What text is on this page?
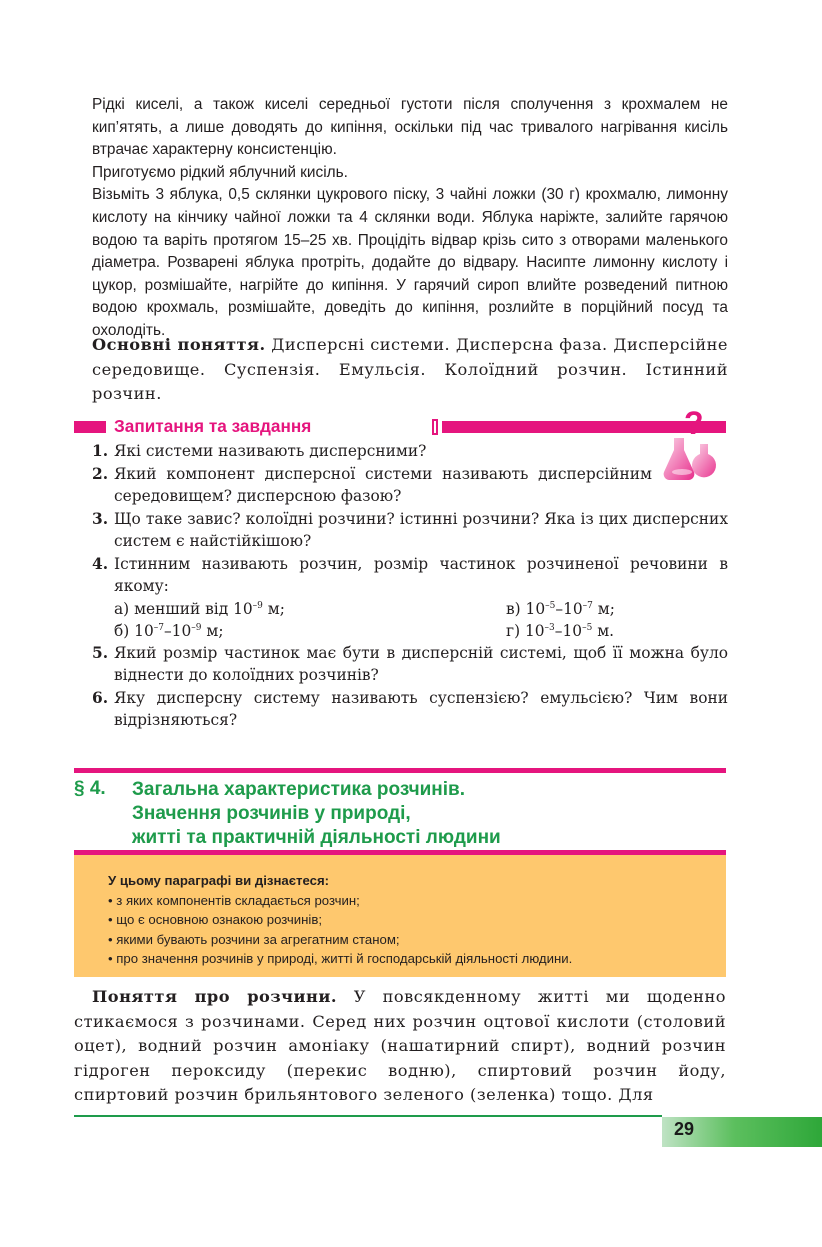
Рідкі киселі, а також киселі середньої густоти після сполучення з крохмалем не кип’ятять, а лише доводять до кипіння, оскільки під час тривалого нагрівання кисіль втрачає характерну консистенцію.

Приготуємо рідкий яблучний кисіль.

Візьміть 3 яблука, 0,5 склянки цукрового піску, 3 чайні ложки (30 г) крохмалю, лимонну кислоту на кінчику чайної ложки та 4 склянки води. Яблука наріжте, залийте гарячою водою та варіть протягом 15–25 хв. Процідіть відвар крізь сито з отворами маленького діаметра. Розварені яблука протріть, додайте до відвару. Насипте лимонну кислоту і цукор, розмішайте, нагрійте до кипіння. У гарячий сироп влийте розведений питною водою крохмаль, розмішайте, доведіть до кипіння, розлийте в порційний посуд та охолодіть.

Основні поняття. Дисперсні системи. Дисперсна фаза. Дисперсійне середовище. Суспензія. Емульсія. Колоїдний розчин. Істинний розчин.
Запитання та завдання	?
1. Які системи називають дисперсними?
2. Який компонент дисперсної системи називають дисперсійним середовищем? дисперсною фазою?
3. Що таке завис? колоїдні розчини? істинні розчини? Яка із цих дисперсних систем є найстійкішою?
4. Істинним називають розчин, розмір частинок розчиненої речовини в якому:
а) менший від $10^{-9}$ м;
б) $10^{-7}-10^{-9}$ м;
в) $10^{-5}-10^{-7}$ м;
г) $10^{-3}-10^{-5}$ м.
5. Який розмір частинок має бути в дисперсній системі, щоб її можна було віднести до колоїдних розчинів?
6. Яку дисперсну систему називають суспензією? емульсією? Чим вони відрізняються?
§ 4. Загальна характеристика розчинів.
Значення розчинів у природі,
житті та практичній діяльності людини
У цьому параграфі ви дізнаєтеся:
• з яких компонентів складається розчин;
• що є основною ознакою розчинів;
• якими бувають розчини за агрегатним станом;
• про значення розчинів у природі, житті й господарській діяльності людини.
Поняття про розчини. У повсякденному житті ми щоденно стикаємося з розчинами. Серед них розчин оцтової кислоти (столовий оцет), водний розчин амоніаку (нашатирний спирт), водний розчин гідроген пероксиду (перекис водню), спиртовий розчин йоду, спиртовий розчин брильянтового зеленого (зеленка) тощо. Для
29
